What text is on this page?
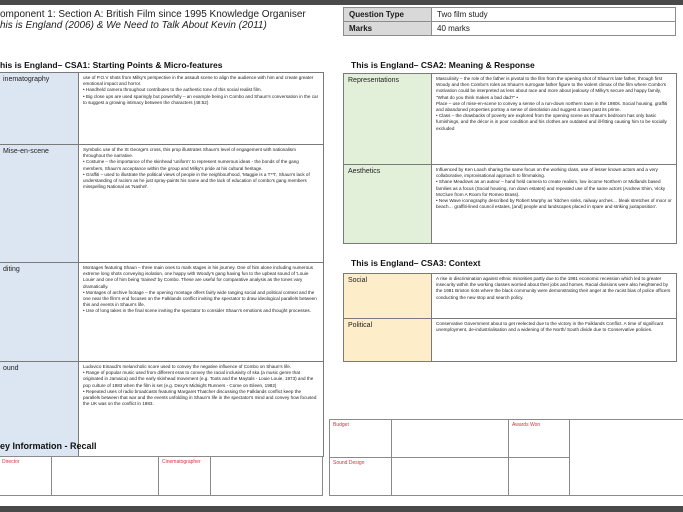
omponent 1: Section A: British Film since 1995 Knowledge Organiser
his is England (2006) & We Need to Talk About Kevin (2011)
Question Type	Two film study
Marks	40 marks
his is England– CSA1: Starting Points & Micro-features
inematography	use of P.O.V shots from Milky's perspective in the assault scene to align the audience with him and create greater emotional impact and horror.
• Handheld camera throughout contributes to the authentic tone of this social realist film.
• Big close ups are used sparingly but powerfully – an example being in Combo and Shaun's conversation in the car to suggest a growing intimacy between the characters (48:52)

Mise-en-scene	Symbolic use of the St George's cross, this prop illustrates Shaun's level of engagement with nationalism throughout the narrative.
• Costume – the importance of the skinhead 'uniform' to represent numerous ideas - the bonds of the gang members, Shaun's acceptance within the group and Milky's pride at his cultural heritage.
• Graffiti – used to illustrate the political views of people in the neighbourhood, 'Maggie is a T**t', Shaun's lack of understanding of racism as he just spray-paints his name and the lack of education of combo's gang members misspelling National as 'Nashnl'.

diting	Montages featuring Shaun – three main ones to mark stages in his journey. One of him alone including numerous extreme long shots conveying isolation, one happy with Woody's gang having fun to the upbeat sound of 'Louie Louie' and one of him being 'trained' by Combo. These are useful for comparative analysis as the tones vary dramatically.
• Montages of archive footage – the opening montage offers fairly wide ranging social and political context and the one near the film's end focuses on the Falklands conflict inviting the spectator to draw ideological parallels between this and events in Shaun's life.
• Use of long takes in the final scene inviting the spectator to consider Shaun's emotions and thought processes.

ound	Ludovico Einaudi's melancholic score used to convey the negative influence of Combo on Shaun's life.
• Range of popular music used from different eras to convey the racial inclusivity of ska (a music genre that originated in Jamaica) and the early skinhead movement (e.g. Toots and the Maytals - Louie Louie, 1973) and the pop culture of 1983 when the film is set (e.g. Dexy's Midnight Runners - Come on Eileen, 1982)
• Repeated uses of radio broadcasts featuring Margaret Thatcher discussing the Falklands conflict keep the parallels between that war and the events unfolding in Shaun's life in the spectator's mind and convey how focused the UK was on the conflict in 1983.
This is England– CSA2: Meaning & Response
Representations	Masculinity – the role of the father is pivotal to the film from the opening shot of Shaun's late father, through first Woody and then Combo's roles as Shaun's surrogate father figure to the violent climax of the film where Combo's motivation could be interpreted as less about race and more about jealousy of Milky's secure and happy family, "What do you think makes a bad dad?" •
Place – use of mise-en-scene to convey a sense of a run-down northern town in the 1980s. Social housing, graffiti and abandoned properties portray a sense of desolation and suggest a town past its prime.
• Class – the drawbacks of poverty are explored from the opening scene as Shaun's bedroom has only basic furnishings, and the décor is in poor condition and his clothes are outdated and ill-fitting causing him to be socially excluded

Aesthetics	Influenced by Ken Loach sharing the same focus on the working class, use of lesser known actors and a very collaborative, improvisational approach to filmmaking.
• Shane Meadows as an auteur – hand held camera to create realism, low income Northern or Midlands based families as a focus (Social housing, run down estates) and repeated use of the same actors (Andrew Shim, Vicky McClure from A Room for Romeo Brass).
• New Wave iconography described by Robert Murphy as 'kitchen sinks, railway arches… bleak stretches of moor or beach… graffiti-lined council estates, [and] people and landscapes placed in spare and striking juxtaposition'.
This is England– CSA3: Context
Social	A rise in discrimination against ethnic minorities partly due to the 1981 economic recession which led to greater insecurity within the working classes worried about their jobs and homes. Racial divisions were also heightened by the 1981 Brixton riots where the black community were demonstrating their anger at the racist bias of police officers conducting the new stop and search policy.

Political	Conservative Government about to get reelected due to the victory in the Falklands Conflict. A time of significant unemployment, de-industrialisation and a widening of the North/ South divide due to Conservative policies.
ey Information - Recall
Director		Cinematographer	
Budget		Awards Won	
Sound Design			
